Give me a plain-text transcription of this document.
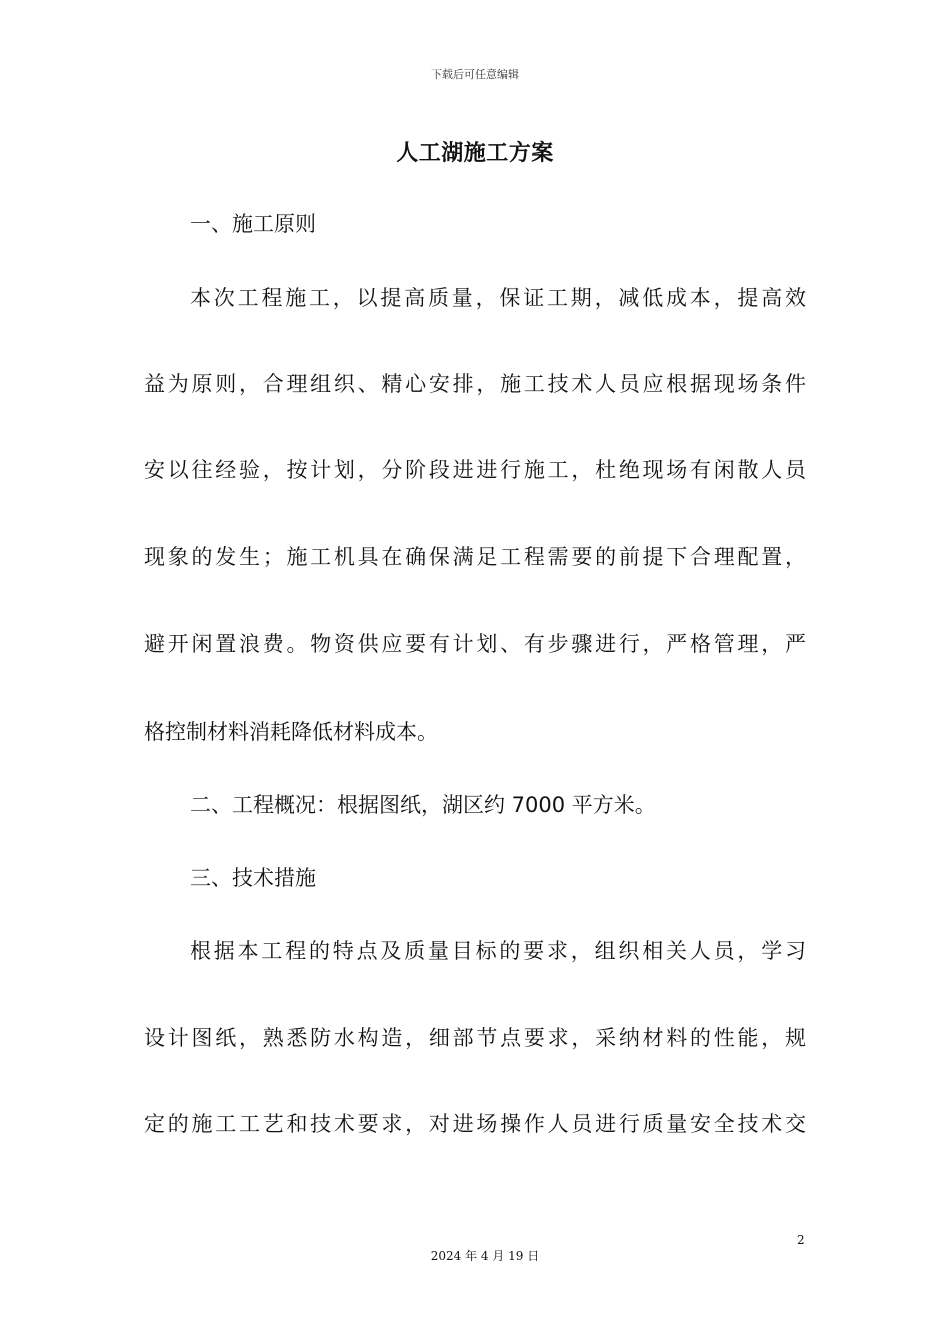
下载后可任意编辑
人工湖施工方案
一、施工原则
本次工程施工，以提高质量，保证工期，减低成本，提高效
益为原则，合理组织、精心安排，施工技术人员应根据现场条件
安以往经验，按计划，分阶段进进行施工，杜绝现场有闲散人员
现象的发生；施工机具在确保满足工程需要的前提下合理配置，
避开闲置浪费。物资供应要有计划、有步骤进行，严格管理，严
格控制材料消耗降低材料成本。
二、工程概况：根据图纸，湖区约 7000 平方米。
三、技术措施
根据本工程的特点及质量目标的要求，组织相关人员，学习
设计图纸，熟悉防水构造，细部节点要求，采纳材料的性能，规
定的施工工艺和技术要求，对进场操作人员进行质量安全技术交
2
2024 年 4 月 19 日
